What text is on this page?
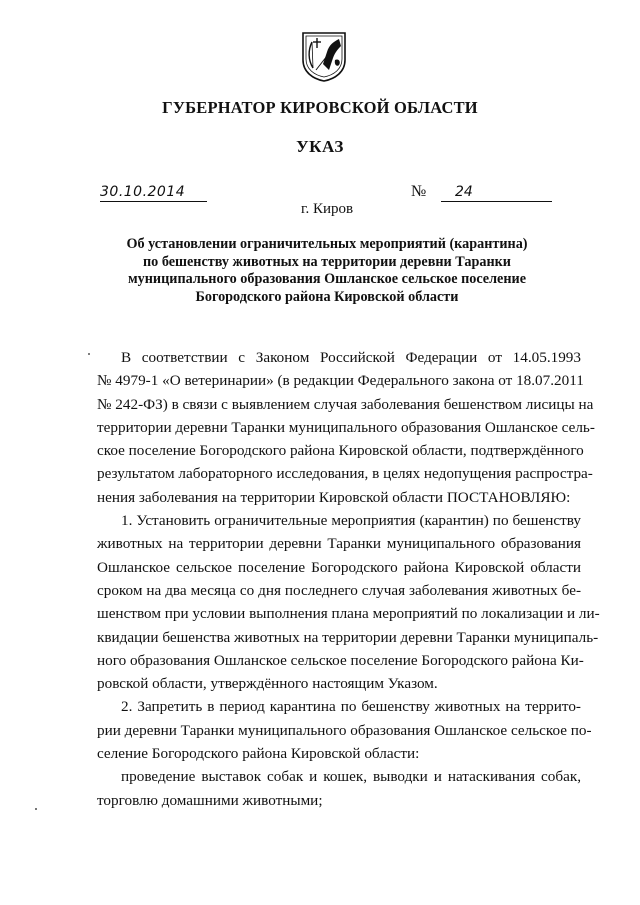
ГУБЕРНАТОР КИРОВСКОЙ ОБЛАСТИ
УКАЗ
30.10.2014	№ 24
г. Киров
Об установлении ограничительных мероприятий (карантина)
по бешенству животных на территории деревни Таранки
муниципального образования Ошланское сельское поселение
Богородского района Кировской области
В соответствии с Законом Российской Федерации от 14.05.1993
№ 4979-1 «О ветеринарии» (в редакции Федерального закона от 18.07.2011
№ 242-ФЗ) в связи с выявлением случая заболевания бешенством лисицы на
территории деревни Таранки муниципального образования Ошланское сель-
ское поселение Богородского района Кировской области, подтверждённого
результатом лабораторного исследования, в целях недопущения распростра-
нения заболевания на территории Кировской области ПОСТАНОВЛЯЮ:
1. Установить ограничительные мероприятия (карантин) по бешенству
животных на территории деревни Таранки муниципального образования
Ошланское сельское поселение Богородского района Кировской области
сроком на два месяца со дня последнего случая заболевания животных бе-
шенством при условии выполнения плана мероприятий по локализации и ли-
квидации бешенства животных на территории деревни Таранки муниципаль-
ного образования Ошланское сельское поселение Богородского района Ки-
ровской области, утверждённого настоящим Указом.
2. Запретить в период карантина по бешенству животных на террито-
рии деревни Таранки муниципального образования Ошланское сельское по-
селение Богородского района Кировской области:
проведение выставок собак и кошек, выводки и натаскивания собак,
торговлю домашними животными;
